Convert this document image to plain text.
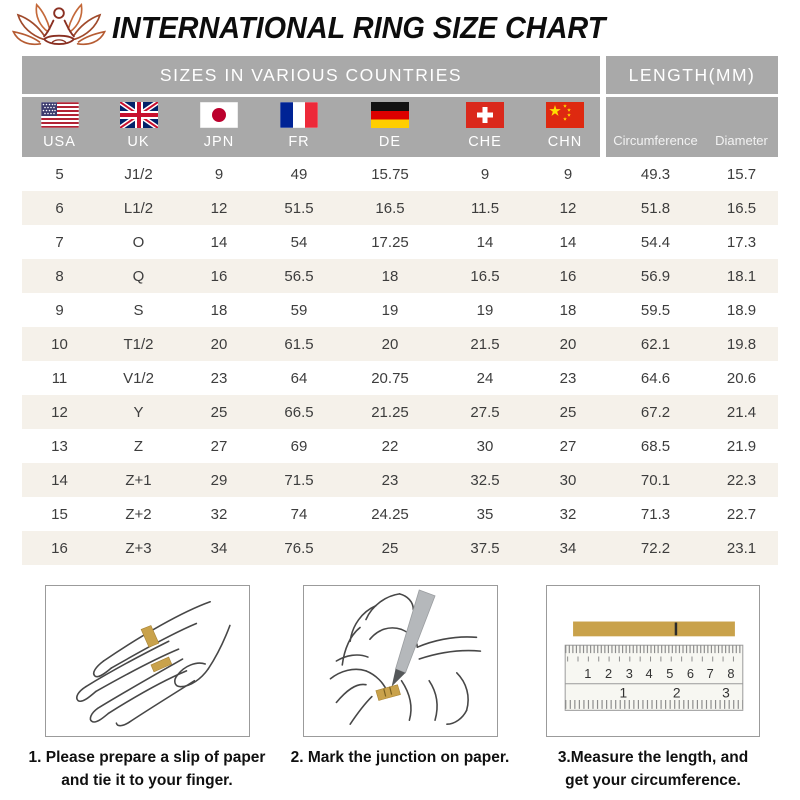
INTERNATIONAL RING SIZE CHART
SIZES IN VARIOUS COUNTRIES
USA	UK	JPN	FR	DE	CHE	CHN
LENGTH(MM)
Circumference	Diameter
5	J1/2	9	49	15.75	9	9	49.3	15.7
6	L1/2	12	51.5	16.5	11.5	12	51.8	16.5
7	O	14	54	17.25	14	14	54.4	17.3
8	Q	16	56.5	18	16.5	16	56.9	18.1
9	S	18	59	19	19	18	59.5	18.9
10	T1/2	20	61.5	20	21.5	20	62.1	19.8
11	V1/2	23	64	20.75	24	23	64.6	20.6
12	Y	25	66.5	21.25	27.5	25	67.2	21.4
13	Z	27	69	22	30	27	68.5	21.9
14	Z+1	29	71.5	23	32.5	30	70.1	22.3
15	Z+2	32	74	24.25	35	32	71.3	22.7
16	Z+3	34	76.5	25	37.5	34	72.2	23.1
1. Please prepare a slip of paper
and tie it to your finger.
2. Mark the junction on paper.
1 2 3 4 5 6 7 8
1	2	3
3.Measure the length, and
get your circumference.
